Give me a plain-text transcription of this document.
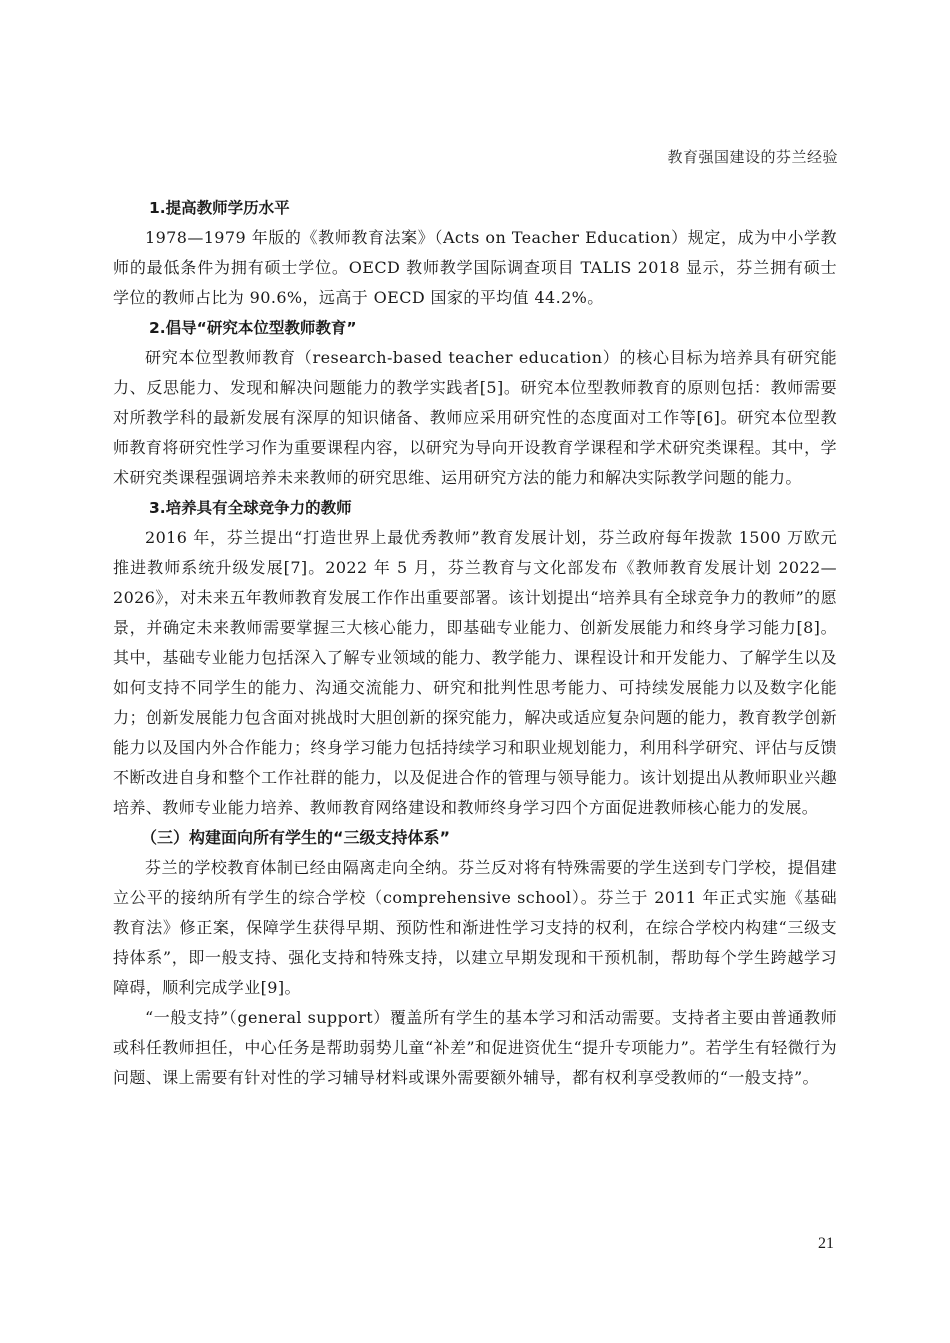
教育强国建设的芬兰经验

1.提高教师学历水平

1978—1979 年版的《教师教育法案》（Acts on Teacher Education）规定，成为中小学教师的最低条件为拥有硕士学位。OECD 教师教学国际调查项目 TALIS 2018 显示，芬兰拥有硕士学位的教师占比为 90.6%，远高于 OECD 国家的平均值 44.2%。

2.倡导“研究本位型教师教育”

研究本位型教师教育（research-based teacher education）的核心目标为培养具有研究能力、反思能力、发现和解决问题能力的教学实践者[5]。研究本位型教师教育的原则包括：教师需要对所教学科的最新发展有深厚的知识储备、教师应采用研究性的态度面对工作等[6]。研究本位型教师教育将研究性学习作为重要课程内容，以研究为导向开设教育学课程和学术研究类课程。其中，学术研究类课程强调培养未来教师的研究思维、运用研究方法的能力和解决实际教学问题的能力。

3.培养具有全球竞争力的教师

2016 年，芬兰提出“打造世界上最优秀教师”教育发展计划，芬兰政府每年拨款 1500 万欧元推进教师系统升级发展[7]。2022 年 5 月，芬兰教育与文化部发布《教师教育发展计划 2022—2026》，对未来五年教师教育发展工作作出重要部署。该计划提出“培养具有全球竞争力的教师”的愿景，并确定未来教师需要掌握三大核心能力，即基础专业能力、创新发展能力和终身学习能力[8]。其中，基础专业能力包括深入了解专业领域的能力、教学能力、课程设计和开发能力、了解学生以及如何支持不同学生的能力、沟通交流能力、研究和批判性思考能力、可持续发展能力以及数字化能力；创新发展能力包含面对挑战时大胆创新的探究能力，解决或适应复杂问题的能力，教育教学创新能力以及国内外合作能力；终身学习能力包括持续学习和职业规划能力，利用科学研究、评估与反馈不断改进自身和整个工作社群的能力，以及促进合作的管理与领导能力。该计划提出从教师职业兴趣培养、教师专业能力培养、教师教育网络建设和教师终身学习四个方面促进教师核心能力的发展。

（三）构建面向所有学生的“三级支持体系”

芬兰的学校教育体制已经由隔离走向全纳。芬兰反对将有特殊需要的学生送到专门学校，提倡建立公平的接纳所有学生的综合学校（comprehensive school）。芬兰于 2011 年正式实施《基础教育法》修正案，保障学生获得早期、预防性和渐进性学习支持的权利，在综合学校内构建“三级支持体系”，即一般支持、强化支持和特殊支持，以建立早期发现和干预机制，帮助每个学生跨越学习障碍，顺利完成学业[9]。

“一般支持”（general support）覆盖所有学生的基本学习和活动需要。支持者主要由普通教师或科任教师担任，中心任务是帮助弱势儿童“补差”和促进资优生“提升专项能力”。若学生有轻微行为问题、课上需要有针对性的学习辅导材料或课外需要额外辅导，都有权利享受教师的“一般支持”。

21
